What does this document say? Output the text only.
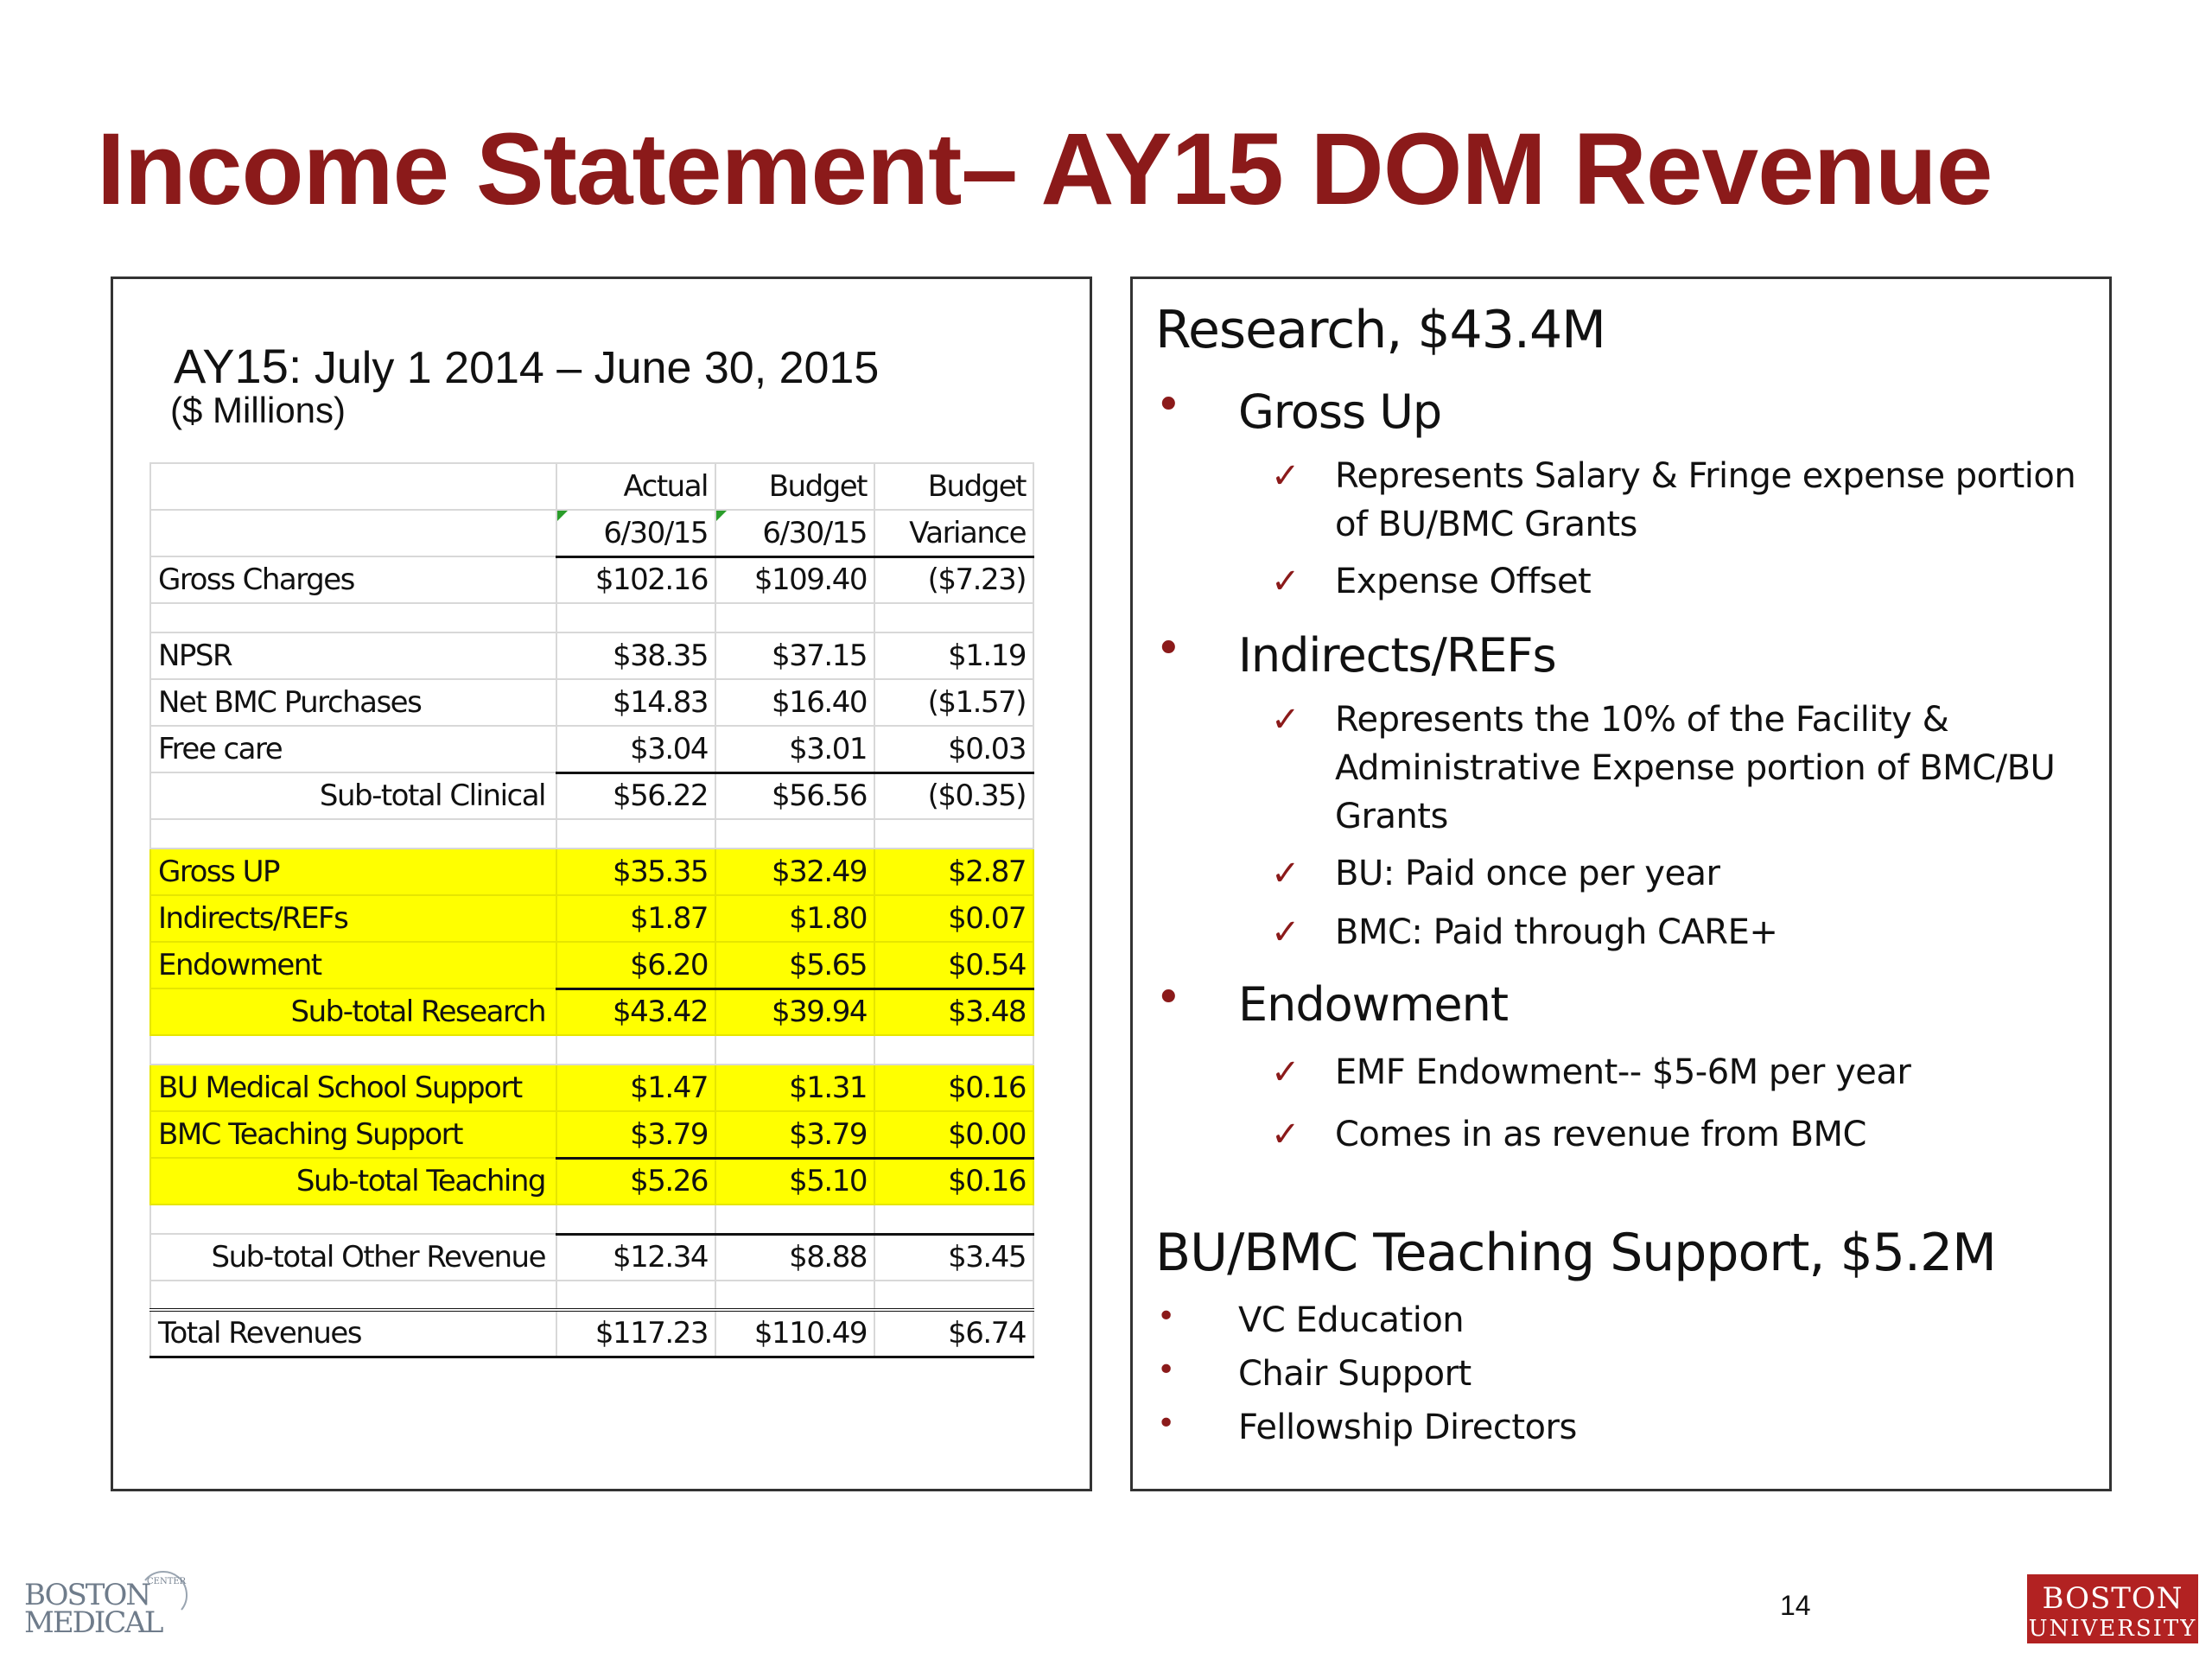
Income Statement– AY15 DOM Revenue
AY15: July 1 2014 – June 30, 2015
($ Millions)
	Actual	Budget	Budget
	6/30/15	6/30/15	Variance
Gross Charges	$102.16	$109.40	($7.23)

NPSR	$38.35	$37.15	$1.19
Net BMC Purchases	$14.83	$16.40	($1.57)
Free care	$3.04	$3.01	$0.03
Sub-total Clinical	$56.22	$56.56	($0.35)

Gross UP	$35.35	$32.49	$2.87
Indirects/REFs	$1.87	$1.80	$0.07
Endowment	$6.20	$5.65	$0.54
Sub-total Research	$43.42	$39.94	$3.48

BU Medical School Support	$1.47	$1.31	$0.16
BMC Teaching Support	$3.79	$3.79	$0.00
Sub-total Teaching	$5.26	$5.10	$0.16

Sub-total Other Revenue	$12.34	$8.88	$3.45

Total Revenues	$117.23	$110.49	$6.74
Research, $43.4M
• Gross Up
✓ Represents Salary & Fringe expense portion of BU/BMC Grants
✓ Expense Offset
• Indirects/REFs
✓ Represents the 10% of the Facility & Administrative Expense portion of BMC/BU Grants
✓ BU: Paid once per year
✓ BMC: Paid through CARE+
• Endowment
✓ EMF Endowment-- $5-6M per year
✓ Comes in as revenue from BMC
BU/BMC Teaching Support, $5.2M
• VC Education
• Chair Support
• Fellowship Directors
CENTER
BOSTON
MEDICAL	14	BOSTON
UNIVERSITY
